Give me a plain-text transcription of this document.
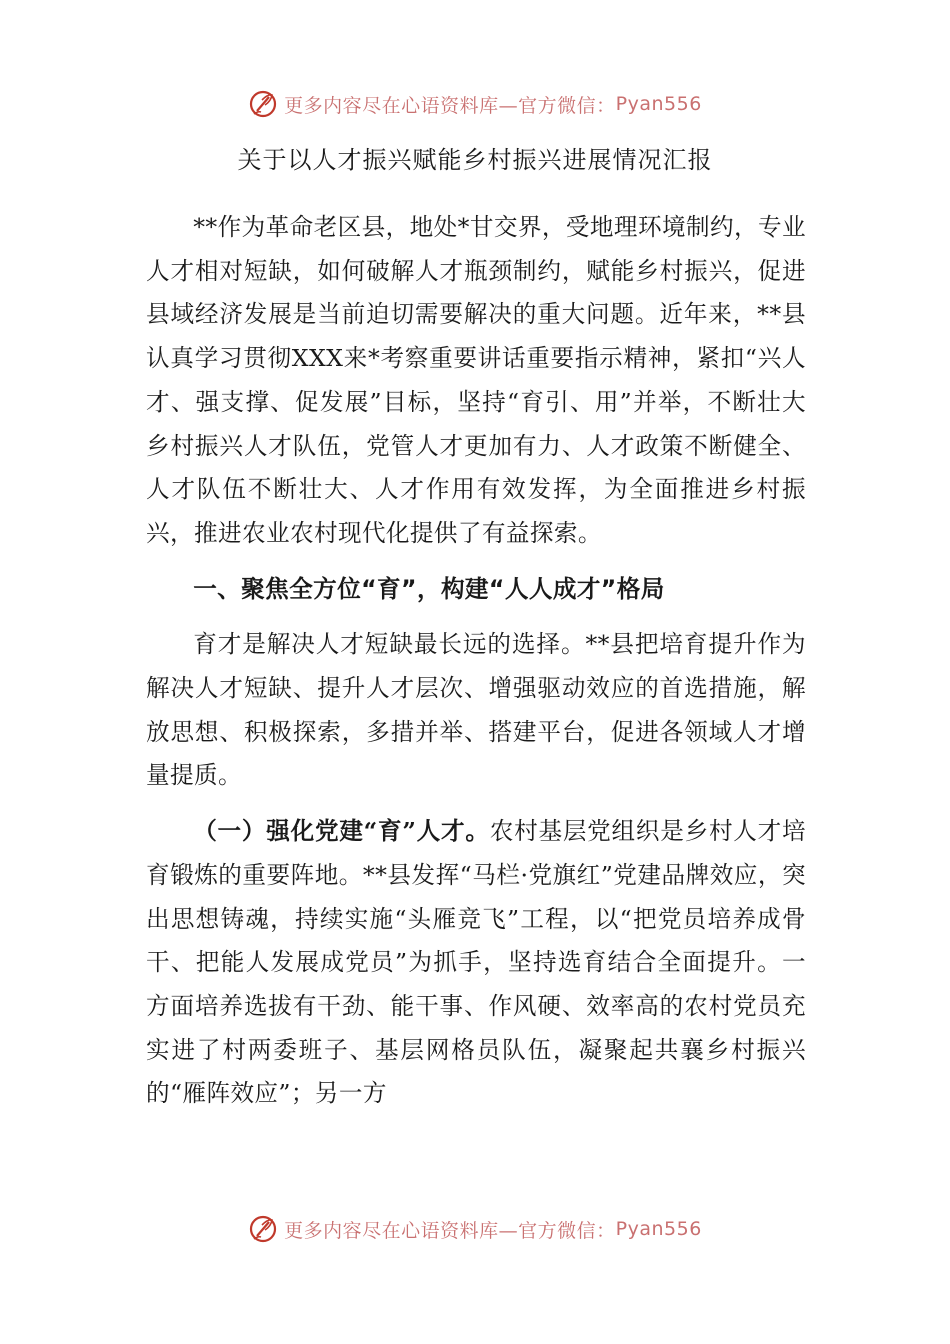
更多内容尽在心语资料库—官方微信： Pyan556
关于以人才振兴赋能乡村振兴进展情况汇报

**作为革命老区县，地处*甘交界，受地理环境制约，专业人才相对短缺，如何破解人才瓶颈制约，赋能乡村振兴，促进县域经济发展是当前迫切需要解决的重大问题。近年来，**县认真学习贯彻XXX来*考察重要讲话重要指示精神，紧扣“兴人才、强支撑、促发展”目标，坚持“育引、用”并举，不断壮大乡村振兴人才队伍，党管人才更加有力、人才政策不断健全、人才队伍不断壮大、人才作用有效发挥，为全面推进乡村振兴，推进农业农村现代化提供了有益探索。

一、聚焦全方位“育”，构建“人人成才”格局

育才是解决人才短缺最长远的选择。**县把培育提升作为解决人才短缺、提升人才层次、增强驱动效应的首选措施，解放思想、积极探索，多措并举、搭建平台，促进各领域人才增量提质。

（一）强化党建“育”人才。农村基层党组织是乡村人才培育锻炼的重要阵地。**县发挥“马栏·党旗红”党建品牌效应，突出思想铸魂，持续实施“头雁竞飞”工程，以“把党员培养成骨干、把能人发展成党员”为抓手，坚持选育结合全面提升。一方面培养选拔有干劲、能干事、作风硬、效率高的农村党员充实进了村两委班子、基层网格员队伍，凝聚起共襄乡村振兴的“雁阵效应”；另一方

更多内容尽在心语资料库—官方微信： Pyan556
